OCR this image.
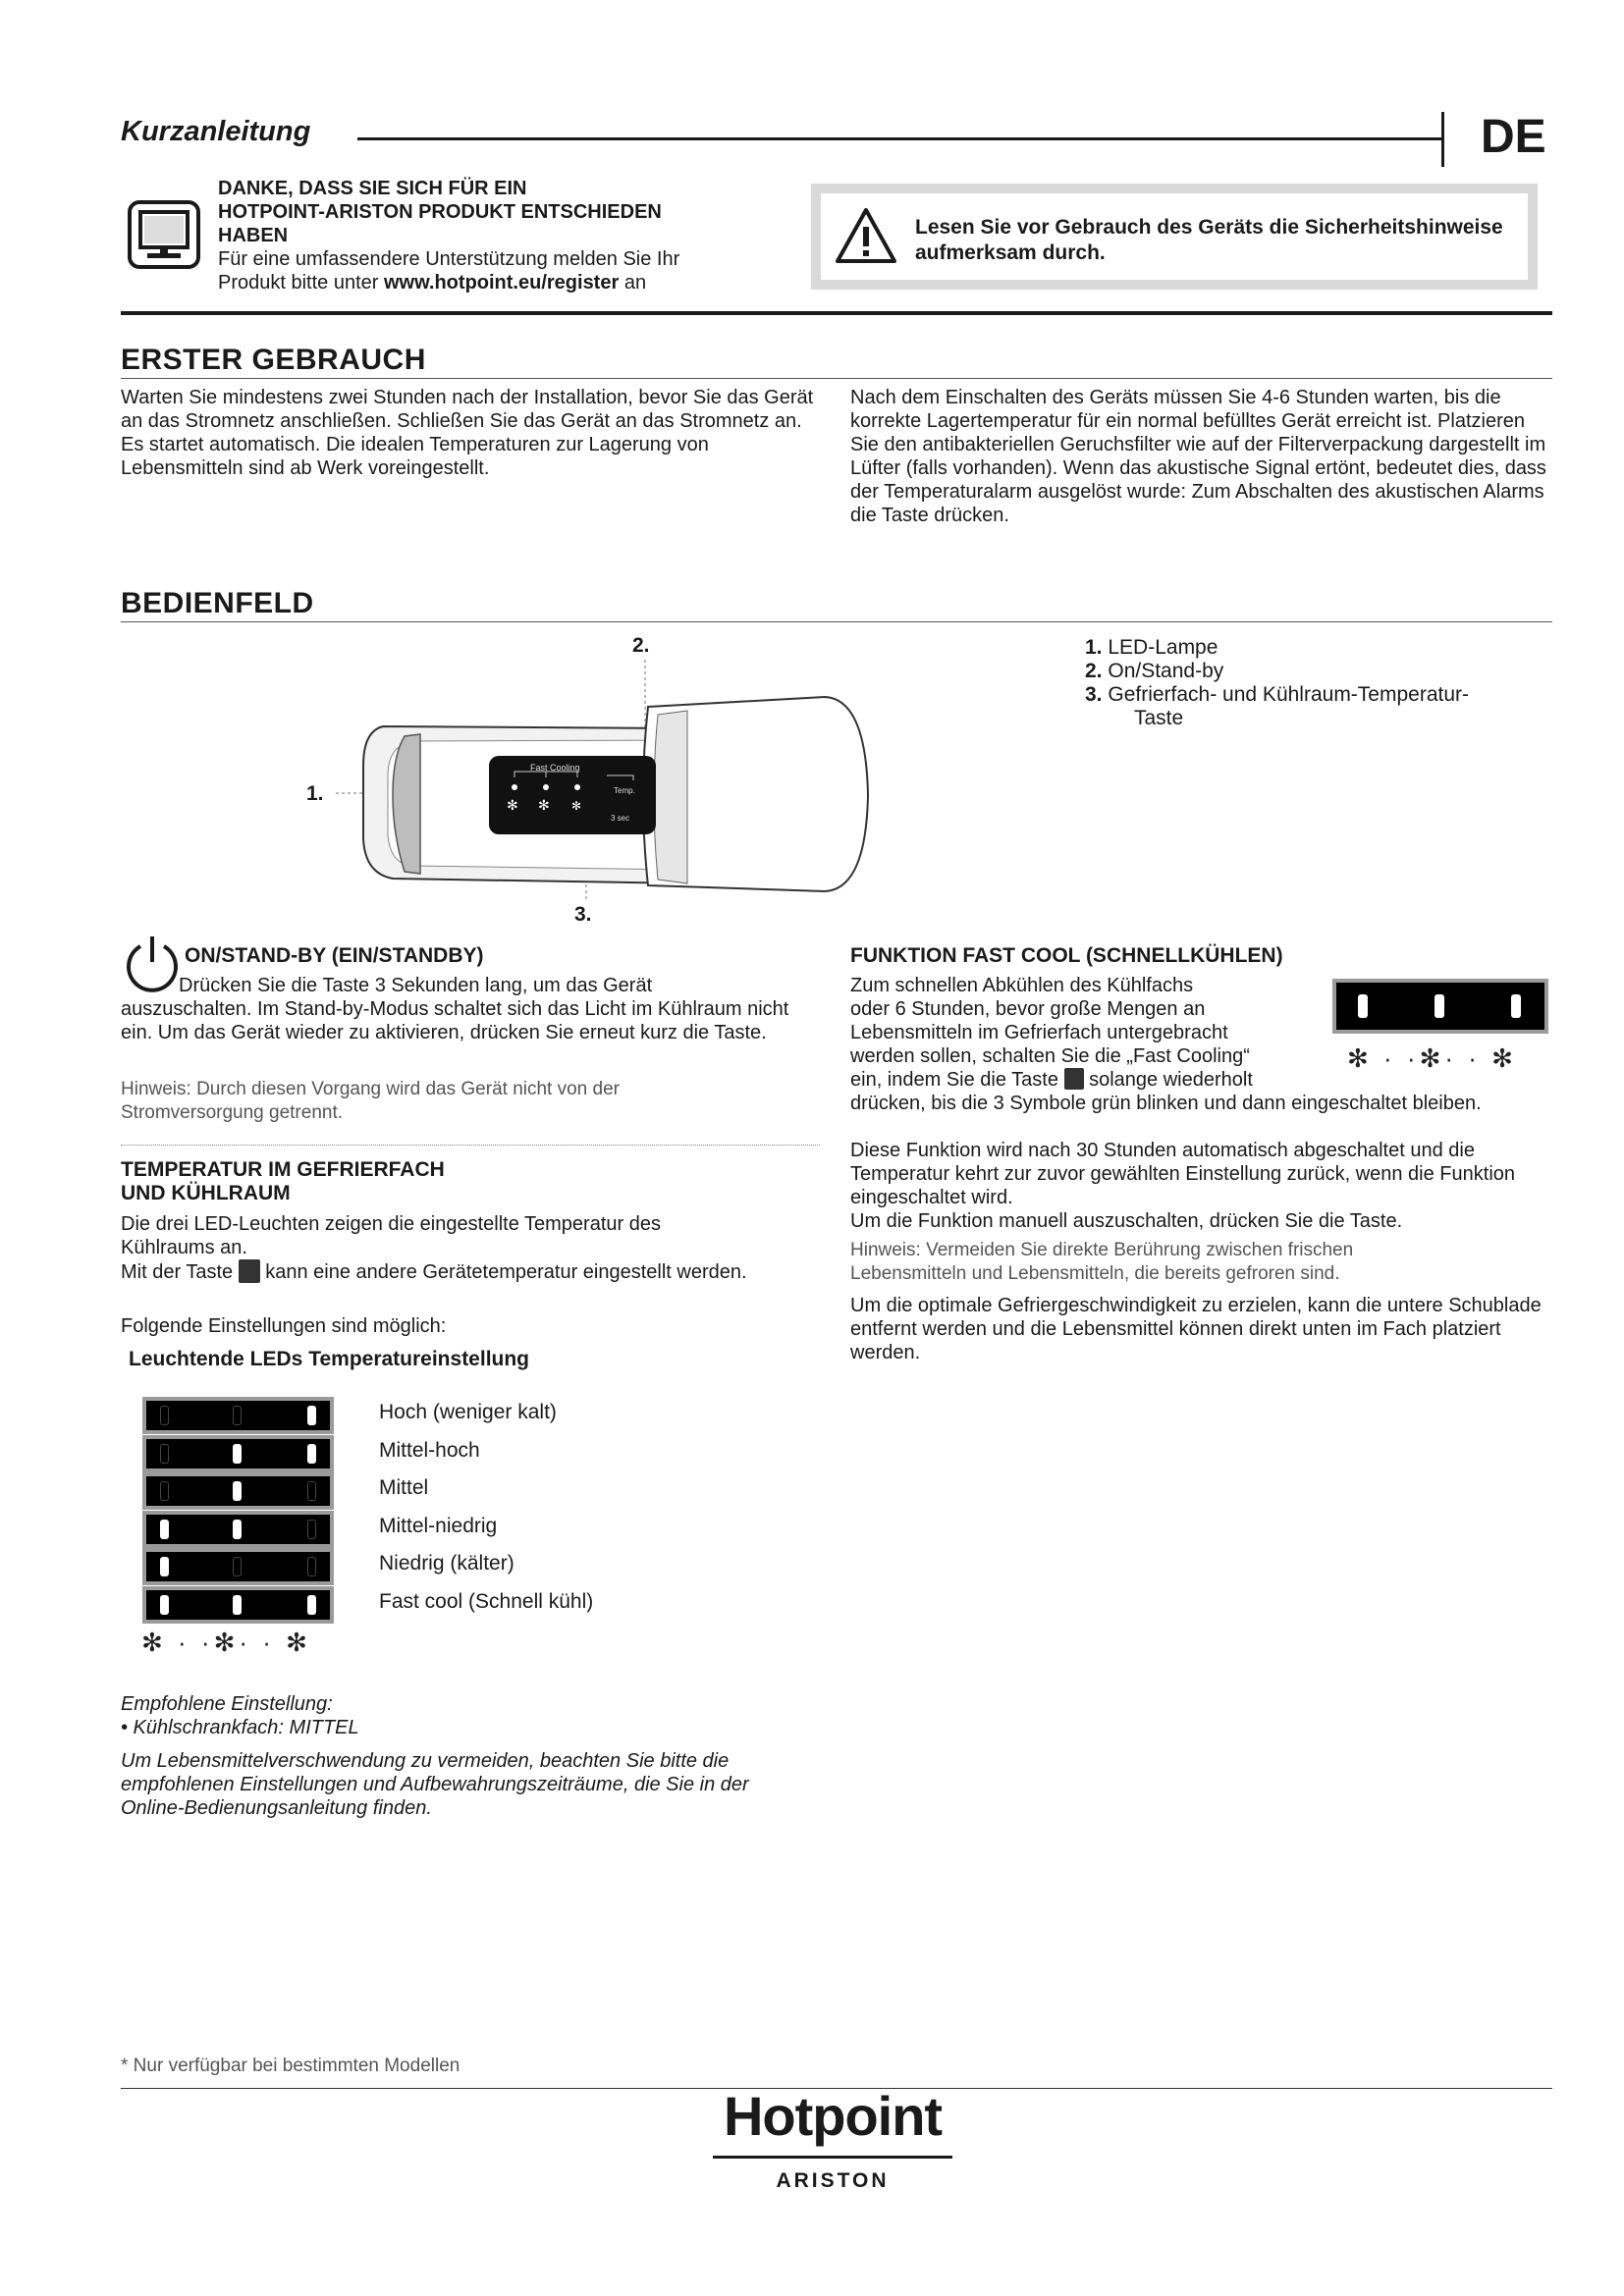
Kurzanleitung	DE
DANKE, DASS SIE SICH FÜR EIN
HOTPOINT-ARISTON PRODUKT ENTSCHIEDEN
HABEN
Für eine umfassendere Unterstützung melden Sie Ihr
Produkt bitte unter www.hotpoint.eu/register an
Lesen Sie vor Gebrauch des Geräts die Sicherheitshinweise
aufmerksam durch.
ERSTER GEBRAUCH
Warten Sie mindestens zwei Stunden nach der Installation, bevor Sie das Gerät an das Stromnetz anschließen. Schließen Sie das Gerät an das Stromnetz an. Es startet automatisch. Die idealen Temperaturen zur Lagerung von Lebensmitteln sind ab Werk voreingestellt.
Nach dem Einschalten des Geräts müssen Sie 4-6 Stunden warten, bis die korrekte Lagertemperatur für ein normal befülltes Gerät erreicht ist. Platzieren Sie den antibakteriellen Geruchsfilter wie auf der Filterverpackung dargestellt im Lüfter (falls vorhanden). Wenn das akustische Signal ertönt, bedeutet dies, dass der Temperaturalarm ausgelöst wurde: Zum Abschalten des akustischen Alarms die Taste drücken.
BEDIENFELD
2.
1.
3.
Fast Cooling
✻ ✻ ✻
Temp.
3 sec
1. LED-Lampe
2. On/Stand-by
3. Gefrierfach- und Kühlraum-Temperatur-
Taste
ON/STAND-BY (EIN/STANDBY)
Drücken Sie die Taste 3 Sekunden lang, um das Gerät
auszuschalten. Im Stand-by-Modus schaltet sich das Licht im Kühlraum nicht ein. Um das Gerät wieder zu aktivieren, drücken Sie erneut kurz die Taste.
Hinweis: Durch diesen Vorgang wird das Gerät nicht von der Stromversorgung getrennt.
TEMPERATUR IM GEFRIERFACH
UND KÜHLRAUM
Die drei LED-Leuchten zeigen die eingestellte Temperatur des Kühlraums an.
Mit der Taste kann eine andere Gerätetemperatur eingestellt werden.
Folgende Einstellungen sind möglich:
Leuchtende LEDs Temperatureinstellung
✻ · ·✻· · ✻
Empfohlene Einstellung:
• Kühlschrankfach: MITTEL
Um Lebensmittelverschwendung zu vermeiden, beachten Sie bitte die empfohlenen Einstellungen und Aufbewahrungszeiträume, die Sie in der Online-Bedienungsanleitung finden.
FUNKTION FAST COOL (SCHNELLKÜHLEN)
Zum schnellen Abkühlen des Kühlfachs
oder 6 Stunden, bevor große Mengen an
Lebensmitteln im Gefrierfach untergebracht
werden sollen, schalten Sie die „Fast Cooling“
ein, indem Sie die Taste solange wiederholt
drücken, bis die 3 Symbole grün blinken und dann eingeschaltet bleiben.
✻ · ·✻· · ✻
Diese Funktion wird nach 30 Stunden automatisch abgeschaltet und die Temperatur kehrt zur zuvor gewählten Einstellung zurück, wenn die Funktion eingeschaltet wird.
Um die Funktion manuell auszuschalten, drücken Sie die Taste.
Hinweis: Vermeiden Sie direkte Berührung zwischen frischen Lebensmitteln und Lebensmitteln, die bereits gefroren sind.
Um die optimale Gefriergeschwindigkeit zu erzielen, kann die untere Schublade entfernt werden und die Lebensmittel können direkt unten im Fach platziert werden.
* Nur verfügbar bei bestimmten Modellen
Hotpoint
ARISTON
Hoch (weniger kalt)
Mittel-hoch
Mittel
Mittel-niedrig
Niedrig (kälter)
Fast cool (Schnell kühl)
